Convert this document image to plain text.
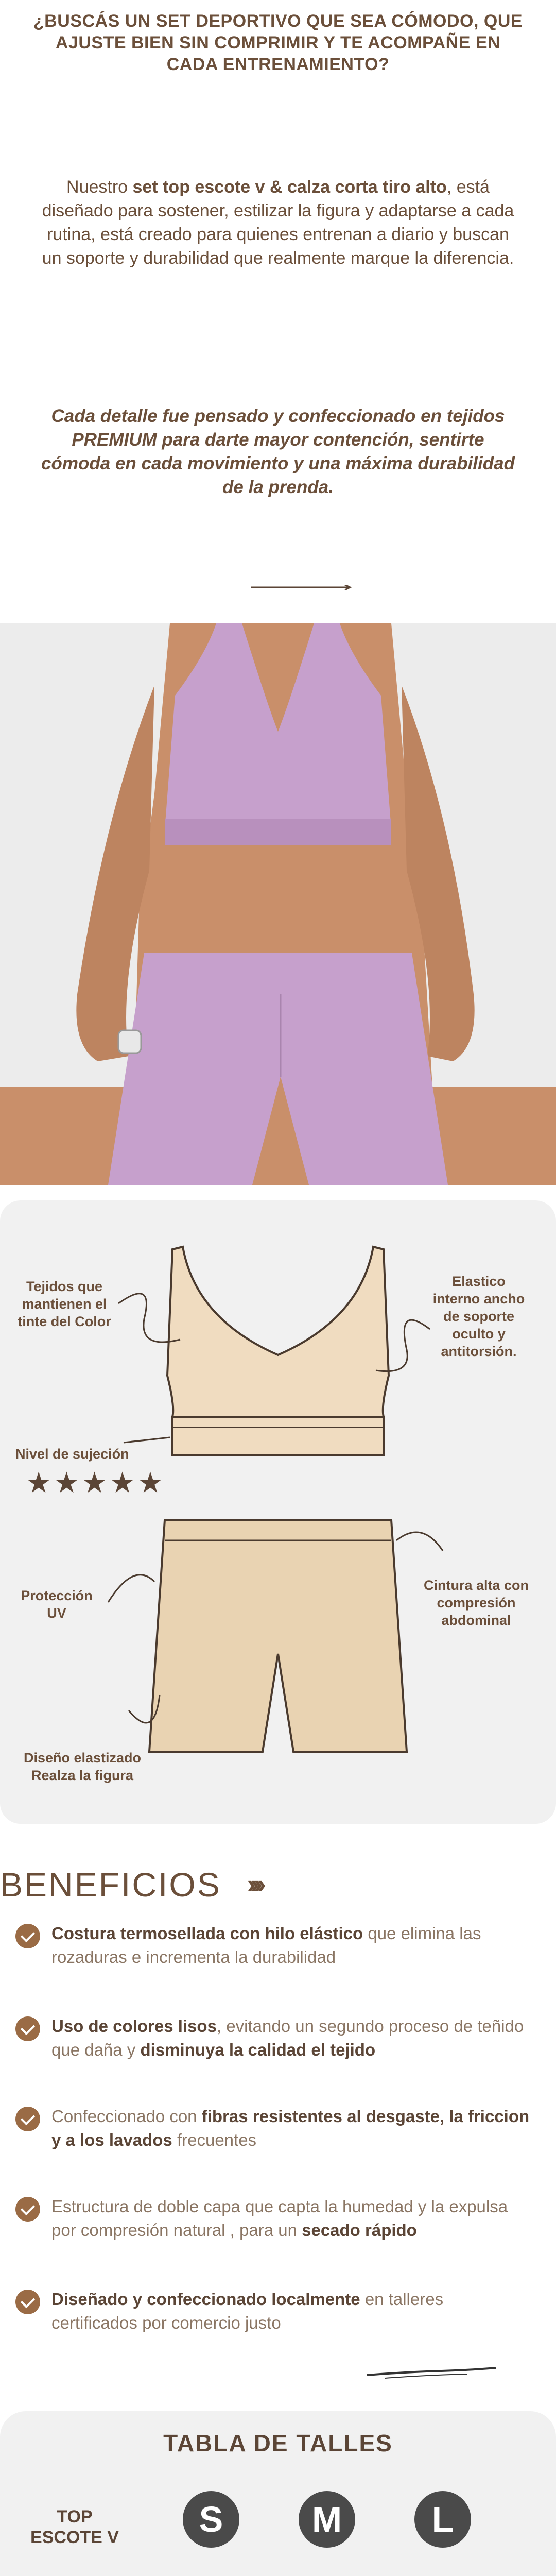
¿BUSCÁS UN SET DEPORTIVO QUE SEA CÓMODO, QUE AJUSTE BIEN SIN COMPRIMIR Y TE ACOMPAÑE EN CADA ENTRENAMIENTO?

Nuestro set top escote v & calza corta tiro alto, está diseñado para sostener, estilizar la figura y adaptarse a cada rutina, está creado para quienes entrenan a diario y buscan un soporte y durabilidad que realmente marque la diferencia.

Cada detalle fue pensado y confeccionado en tejidos PREMIUM para darte mayor contención, sentirte cómoda en cada movimiento y una máxima durabilidad de la prenda.

Tejidos que mantienen el tinte del Color
Elastico interno ancho de soporte oculto y antitorsión.
Nivel de sujeción
★★★★★
Protección UV
Cintura alta con compresión abdominal
Diseño elastizado Realza la figura
BENEFICIOS ››››
Costura termosellada con hilo elástico que elimina las rozaduras e incrementa la durabilidad
Uso de colores lisos, evitando un segundo proceso de teñido que daña y disminuya la calidad el tejido
Confeccionado con fibras resistentes al desgaste, la friccion y a los lavados frecuentes
Estructura de doble capa que capta la humedad y la expulsa por compresión natural , para un secado rápido
Diseñado y confeccionado localmente en talleres certificados por comercio justo
TABLA DE TALLES
TOP ESCOTE V	S	M	L
